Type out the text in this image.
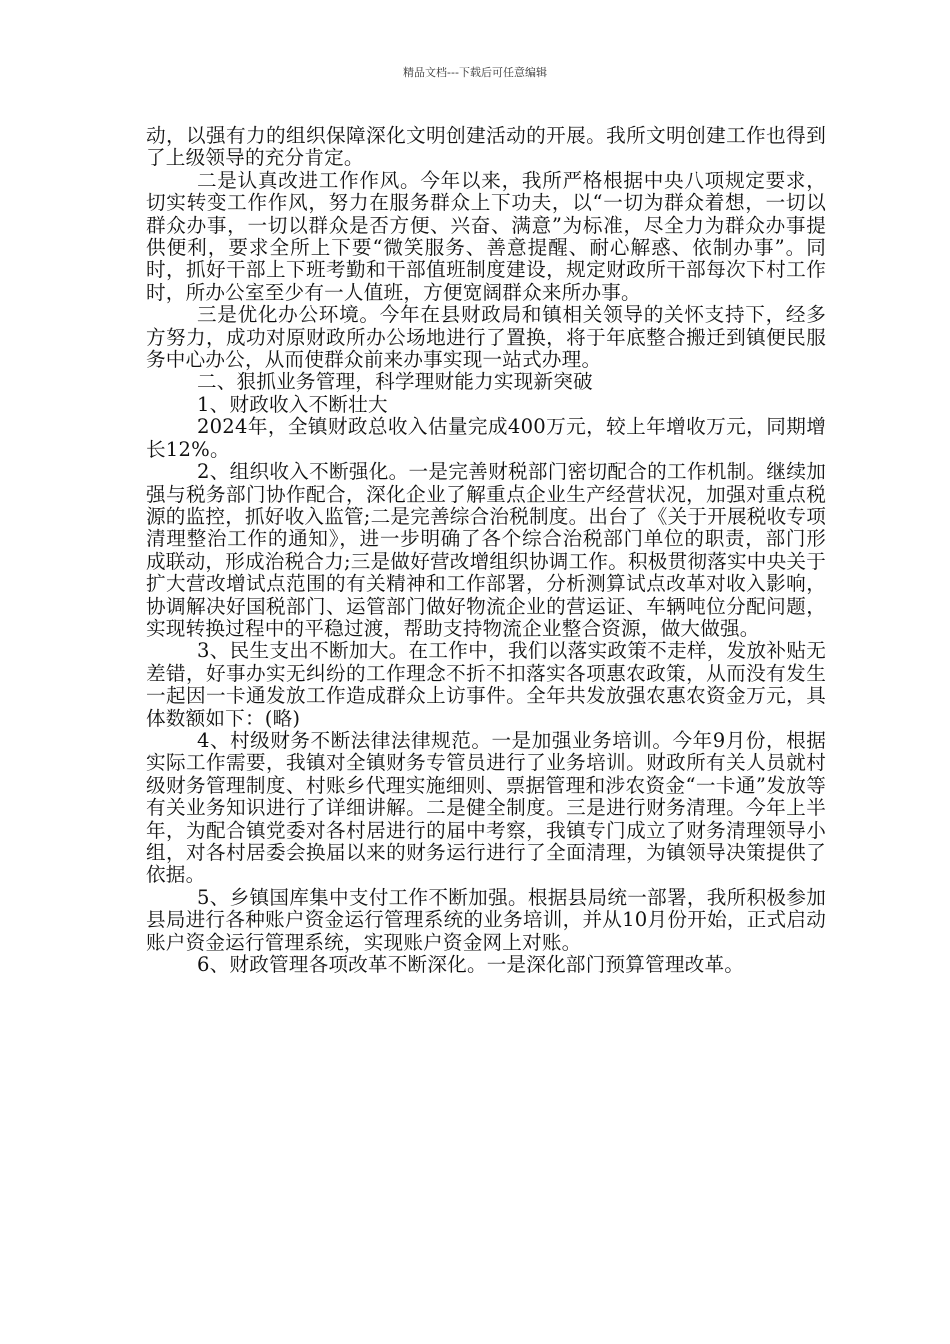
精品文档---下载后可任意编辑

动，以强有力的组织保障深化文明创建活动的开展。我所文明创建工作也得到了上级领导的充分肯定。

二是认真改进工作作风。今年以来，我所严格根据中央八项规定要求，切实转变工作作风，努力在服务群众上下功夫，以“一切为群众着想，一切以群众办事，一切以群众是否方便、兴奋、满意”为标准，尽全力为群众办事提供便利，要求全所上下要“微笑服务、善意提醒、耐心解惑、依制办事”。同时，抓好干部上下班考勤和干部值班制度建设，规定财政所干部每次下村工作时，所办公室至少有一人值班，方便宽阔群众来所办事。

三是优化办公环境。今年在县财政局和镇相关领导的关怀支持下，经多方努力，成功对原财政所办公场地进行了置换，将于年底整合搬迁到镇便民服务中心办公，从而使群众前来办事实现一站式办理。

二、狠抓业务管理，科学理财能力实现新突破

1、财政收入不断壮大

2024年，全镇财政总收入估量完成400万元，较上年增收万元，同期增长12%。

2、组织收入不断强化。一是完善财税部门密切配合的工作机制。继续加强与税务部门协作配合，深化企业了解重点企业生产经营状况，加强对重点税源的监控，抓好收入监管;二是完善综合治税制度。出台了《关于开展税收专项清理整治工作的通知》，进一步明确了各个综合治税部门单位的职责，部门形成联动，形成治税合力;三是做好营改增组织协调工作。积极贯彻落实中央关于扩大营改增试点范围的有关精神和工作部署，分析测算试点改革对收入影响，协调解决好国税部门、运管部门做好物流企业的营运证、车辆吨位分配问题，实现转换过程中的平稳过渡，帮助支持物流企业整合资源，做大做强。

3、民生支出不断加大。在工作中，我们以落实政策不走样，发放补贴无差错，好事办实无纠纷的工作理念不折不扣落实各项惠农政策，从而没有发生一起因一卡通发放工作造成群众上访事件。全年共发放强农惠农资金万元，具体数额如下：(略)

4、村级财务不断法律法律规范。一是加强业务培训。今年9月份，根据实际工作需要，我镇对全镇财务专管员进行了业务培训。财政所有关人员就村级财务管理制度、村账乡代理实施细则、票据管理和涉农资金“一卡通”发放等有关业务知识进行了详细讲解。二是健全制度。三是进行财务清理。今年上半年，为配合镇党委对各村居进行的届中考察，我镇专门成立了财务清理领导小组，对各村居委会换届以来的财务运行进行了全面清理，为镇领导决策提供了依据。

5、乡镇国库集中支付工作不断加强。根据县局统一部署，我所积极参加县局进行各种账户资金运行管理系统的业务培训，并从10月份开始，正式启动账户资金运行管理系统，实现账户资金网上对账。

6、财政管理各项改革不断深化。一是深化部门预算管理改革。
